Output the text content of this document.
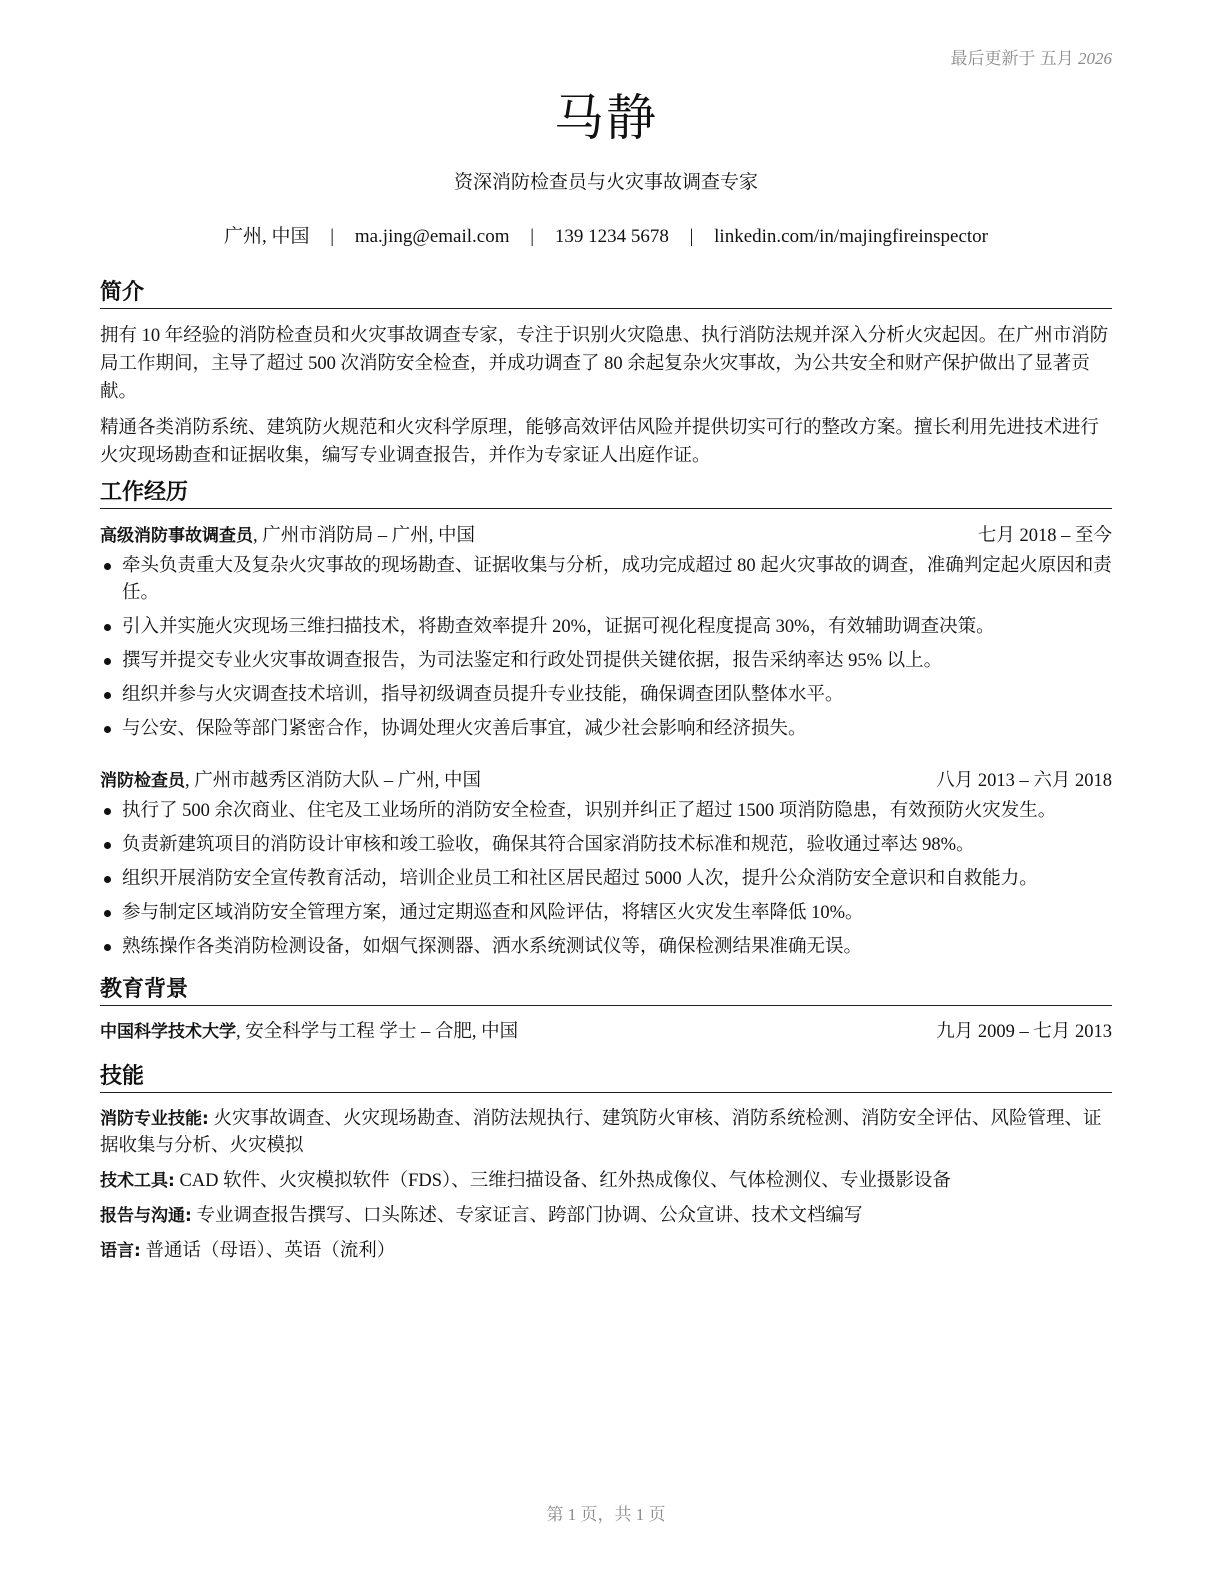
最后更新于 五月 2026
马静
资深消防检查员与火灾事故调查专家
广州, 中国 | ma.jing@email.com | 139 1234 5678 | linkedin.com/in/majingfireinspector
简介

拥有 10 年经验的消防检查员和火灾事故调查专家，专注于识别火灾隐患、执行消防法规并深入分析火灾起因。在广州市消防局工作期间，主导了超过 500 次消防安全检查，并成功调查了 80 余起复杂火灾事故，为公共安全和财产保护做出了显著贡献。

精通各类消防系统、建筑防火规范和火灾科学原理，能够高效评估风险并提供切实可行的整改方案。擅长利用先进技术进行火灾现场勘查和证据收集，编写专业调查报告，并作为专家证人出庭作证。

工作经历
高级消防事故调查员, 广州市消防局 – 广州, 中国	七月 2018 – 至今
牵头负责重大及复杂火灾事故的现场勘查、证据收集与分析，成功完成超过 80 起火灾事故的调查，准确判定起火原因和责任。
引入并实施火灾现场三维扫描技术，将勘查效率提升 20%，证据可视化程度提高 30%，有效辅助调查决策。
撰写并提交专业火灾事故调查报告，为司法鉴定和行政处罚提供关键依据，报告采纳率达 95% 以上。
组织并参与火灾调查技术培训，指导初级调查员提升专业技能，确保调查团队整体水平。
与公安、保险等部门紧密合作，协调处理火灾善后事宜，减少社会影响和经济损失。
消防检查员, 广州市越秀区消防大队 – 广州, 中国	八月 2013 – 六月 2018
执行了 500 余次商业、住宅及工业场所的消防安全检查，识别并纠正了超过 1500 项消防隐患，有效预防火灾发生。
负责新建筑项目的消防设计审核和竣工验收，确保其符合国家消防技术标准和规范，验收通过率达 98%。
组织开展消防安全宣传教育活动，培训企业员工和社区居民超过 5000 人次，提升公众消防安全意识和自救能力。
参与制定区域消防安全管理方案，通过定期巡查和风险评估，将辖区火灾发生率降低 10%。
熟练操作各类消防检测设备，如烟气探测器、洒水系统测试仪等，确保检测结果准确无误。
教育背景
中国科学技术大学, 安全科学与工程 学士 – 合肥, 中国	九月 2009 – 七月 2013
技能
消防专业技能: 火灾事故调查、火灾现场勘查、消防法规执行、建筑防火审核、消防系统检测、消防安全评估、风险管理、证据收集与分析、火灾模拟
技术工具: CAD 软件、火灾模拟软件（FDS）、三维扫描设备、红外热成像仪、气体检测仪、专业摄影设备
报告与沟通: 专业调查报告撰写、口头陈述、专家证言、跨部门协调、公众宣讲、技术文档编写
语言: 普通话（母语）、英语（流利）
第 1 页，共 1 页
